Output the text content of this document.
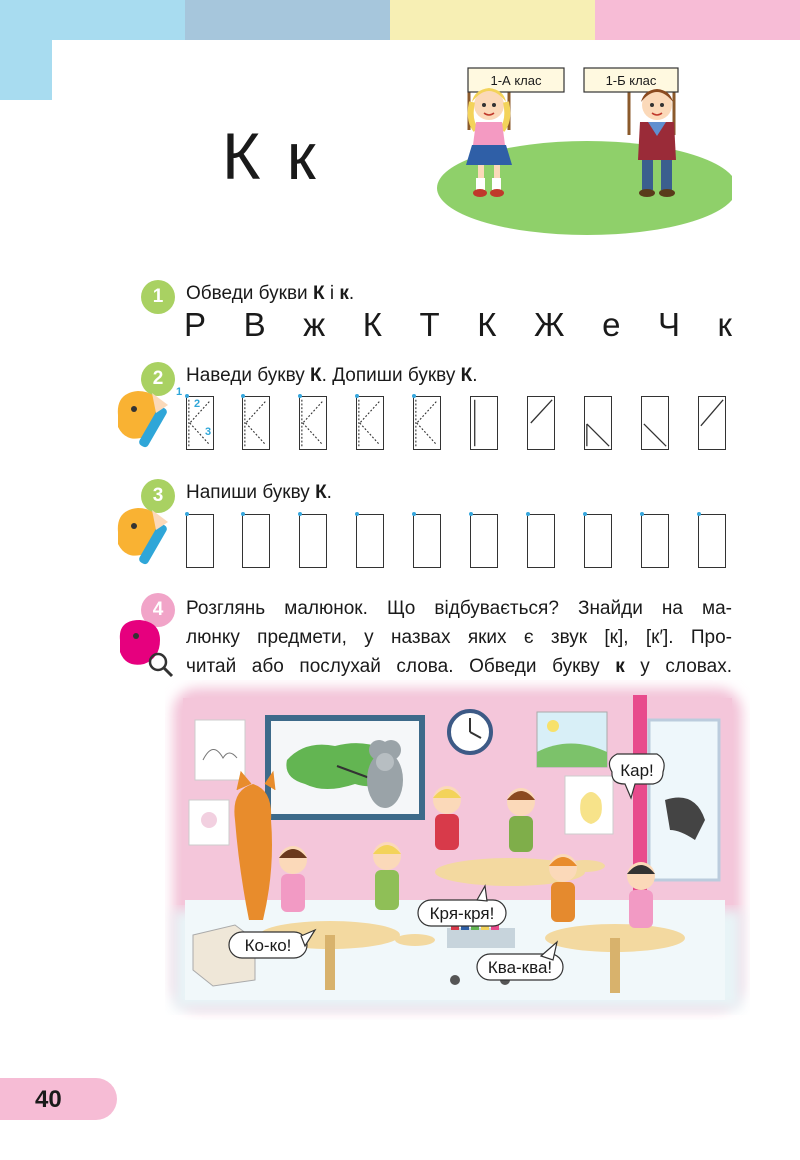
К к
1-А клас	1-Б клас
1	Обведи букви К і к.
Р В ж К Т К Ж е Ч к
2	Наведи букву К. Допиши букву К.
1
2
3
3	Напиши букву К.
4	Розглянь малюнок. Що відбувається? Знайди на ма-
люнку предмети, у назвах яких є звук [к], [к′]. Про-
читай або послухай слова. Обведи букву к у словах.
Кар!
Кря-кря!
Ко-ко!
Ква-ква!
40
